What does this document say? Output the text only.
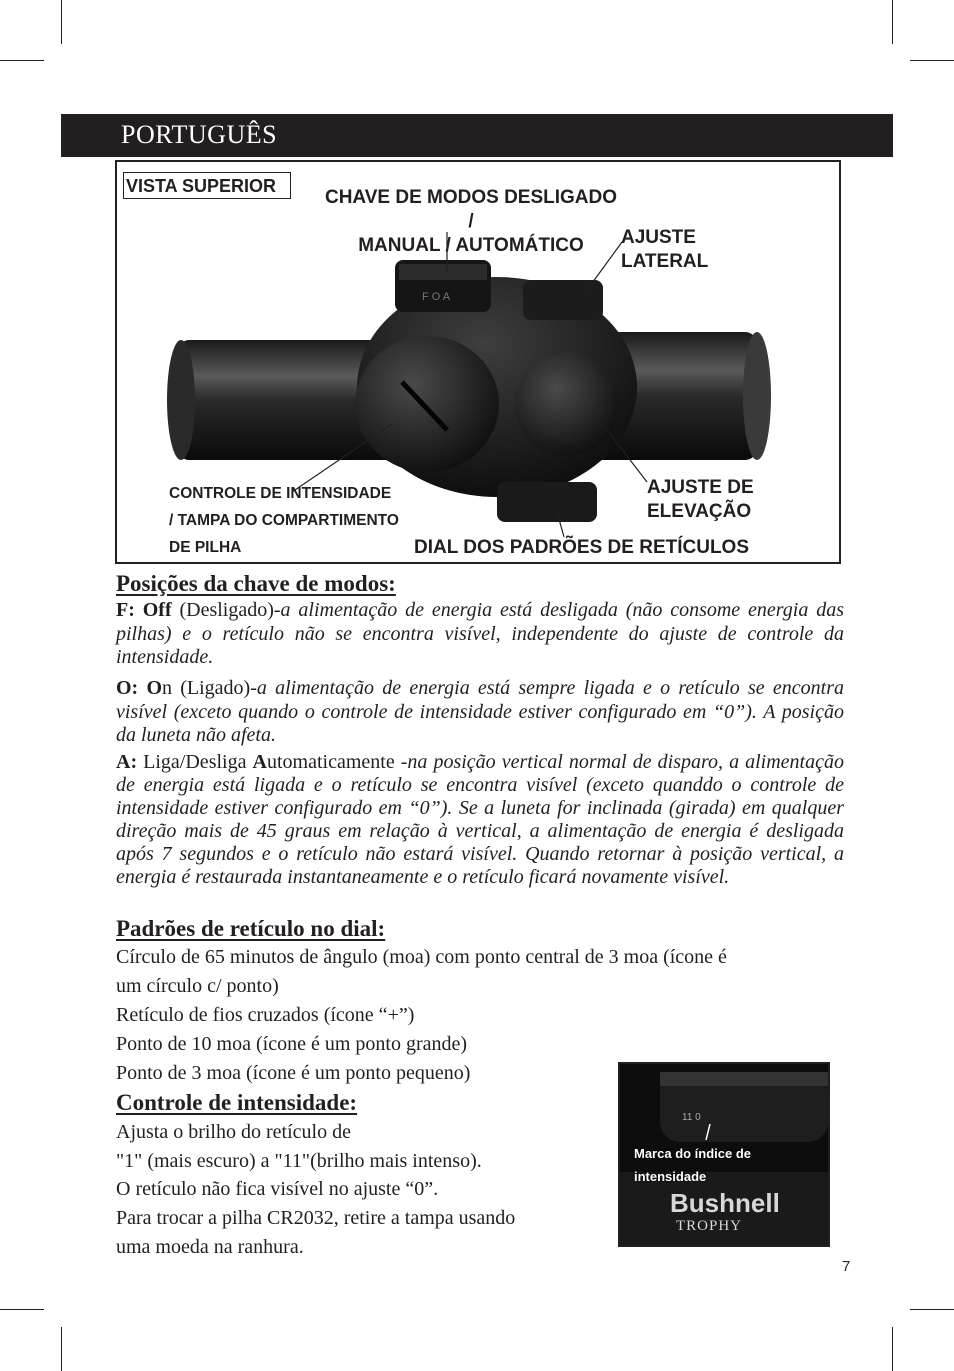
PORTUGUÊS
F O A
VISTA SUPERIOR
CHAVE DE MODOS DESLIGADO /
MANUAL / AUTOMÁTICO	AJUSTE
LATERAL
CONTROLE DE INTENSIDADE
/ TAMPA DO COMPARTIMENTO
DE PILHA
AJUSTE DE
ELEVAÇÃO
DIAL DOS PADRÕES DE RETÍCULOS
Posições da chave de modos:
F: Off (Desligado)-a alimentação de energia está desligada (não consome energia das pilhas) e o retículo não se encontra visível, independente do ajuste de controle da intensidade.
O: On (Ligado)-a alimentação de energia está sempre ligada e o retículo se encontra visível (exceto quando o controle de intensidade estiver configurado em “0”). A posição da luneta não afeta.
A: Liga/Desliga Automaticamente -na posição vertical normal de disparo, a alimentação de energia está ligada e o retículo se encontra visível (exceto quanddo o controle de intensidade estiver configurado em “0”). Se a luneta for inclinada (girada) em qualquer direção mais de 45 graus em relação à vertical, a alimentação de energia é desligada após 7 segundos e o retículo não estará visível. Quando retornar à posição vertical, a energia é restaurada instantaneamente e o retículo ficará novamente visível.
Padrões de retículo no dial:
Círculo de 65 minutos de ângulo (moa) com ponto central de 3 moa (ícone é
um círculo c/ ponto)
Retículo de fios cruzados (ícone “+”)
Ponto de 10 moa (ícone é um ponto grande)
Ponto de 3 moa (ícone é um ponto pequeno)
Controle de intensidade:
Ajusta o brilho do retículo de
"1" (mais escuro) a "11"(brilho mais intenso).
O retículo não fica visível no ajuste “0”.
Para trocar a pilha CR2032, retire a tampa usando
uma moeda na ranhura.
11 0
Bushnell
TROPHY
Marca do índice de
intensidade
7
